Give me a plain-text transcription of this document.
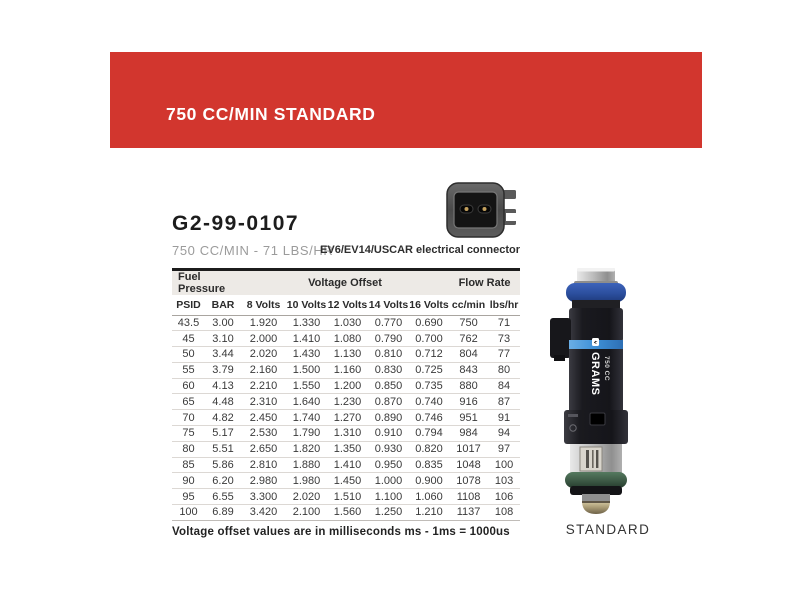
750 CC/MIN STANDARD
G2-99-0107
750 CC/MIN - 71 LBS/HR
EV6/EV14/USCAR electrical connector
Fuel Pressure		Voltage Offset					Flow Rate	
PSID	BAR	8 Volts	10 Volts	12 Volts	14 Volts	16 Volts	cc/min	lbs/hr
43.5	3.00	1.920	1.330	1.030	0.770	0.690	750	71
45	3.10	2.000	1.410	1.080	0.790	0.700	762	73
50	3.44	2.020	1.430	1.130	0.810	0.712	804	77
55	3.79	2.160	1.500	1.160	0.830	0.725	843	80
60	4.13	2.210	1.550	1.200	0.850	0.735	880	84
65	4.48	2.310	1.640	1.230	0.870	0.740	916	87
70	4.82	2.450	1.740	1.270	0.890	0.746	951	91
75	5.17	2.530	1.790	1.310	0.910	0.794	984	94
80	5.51	2.650	1.820	1.350	0.930	0.820	1017	97
85	5.86	2.810	1.880	1.410	0.950	0.835	1048	100
90	6.20	2.980	1.980	1.450	1.000	0.900	1078	103
95	6.55	3.300	2.020	1.510	1.100	1.060	1108	106
100	6.89	3.420	2.100	1.560	1.250	1.210	1137	108
Voltage offset values are in milliseconds ms - 1ms = 1000us
GRAMS 750 CC
STANDARD
